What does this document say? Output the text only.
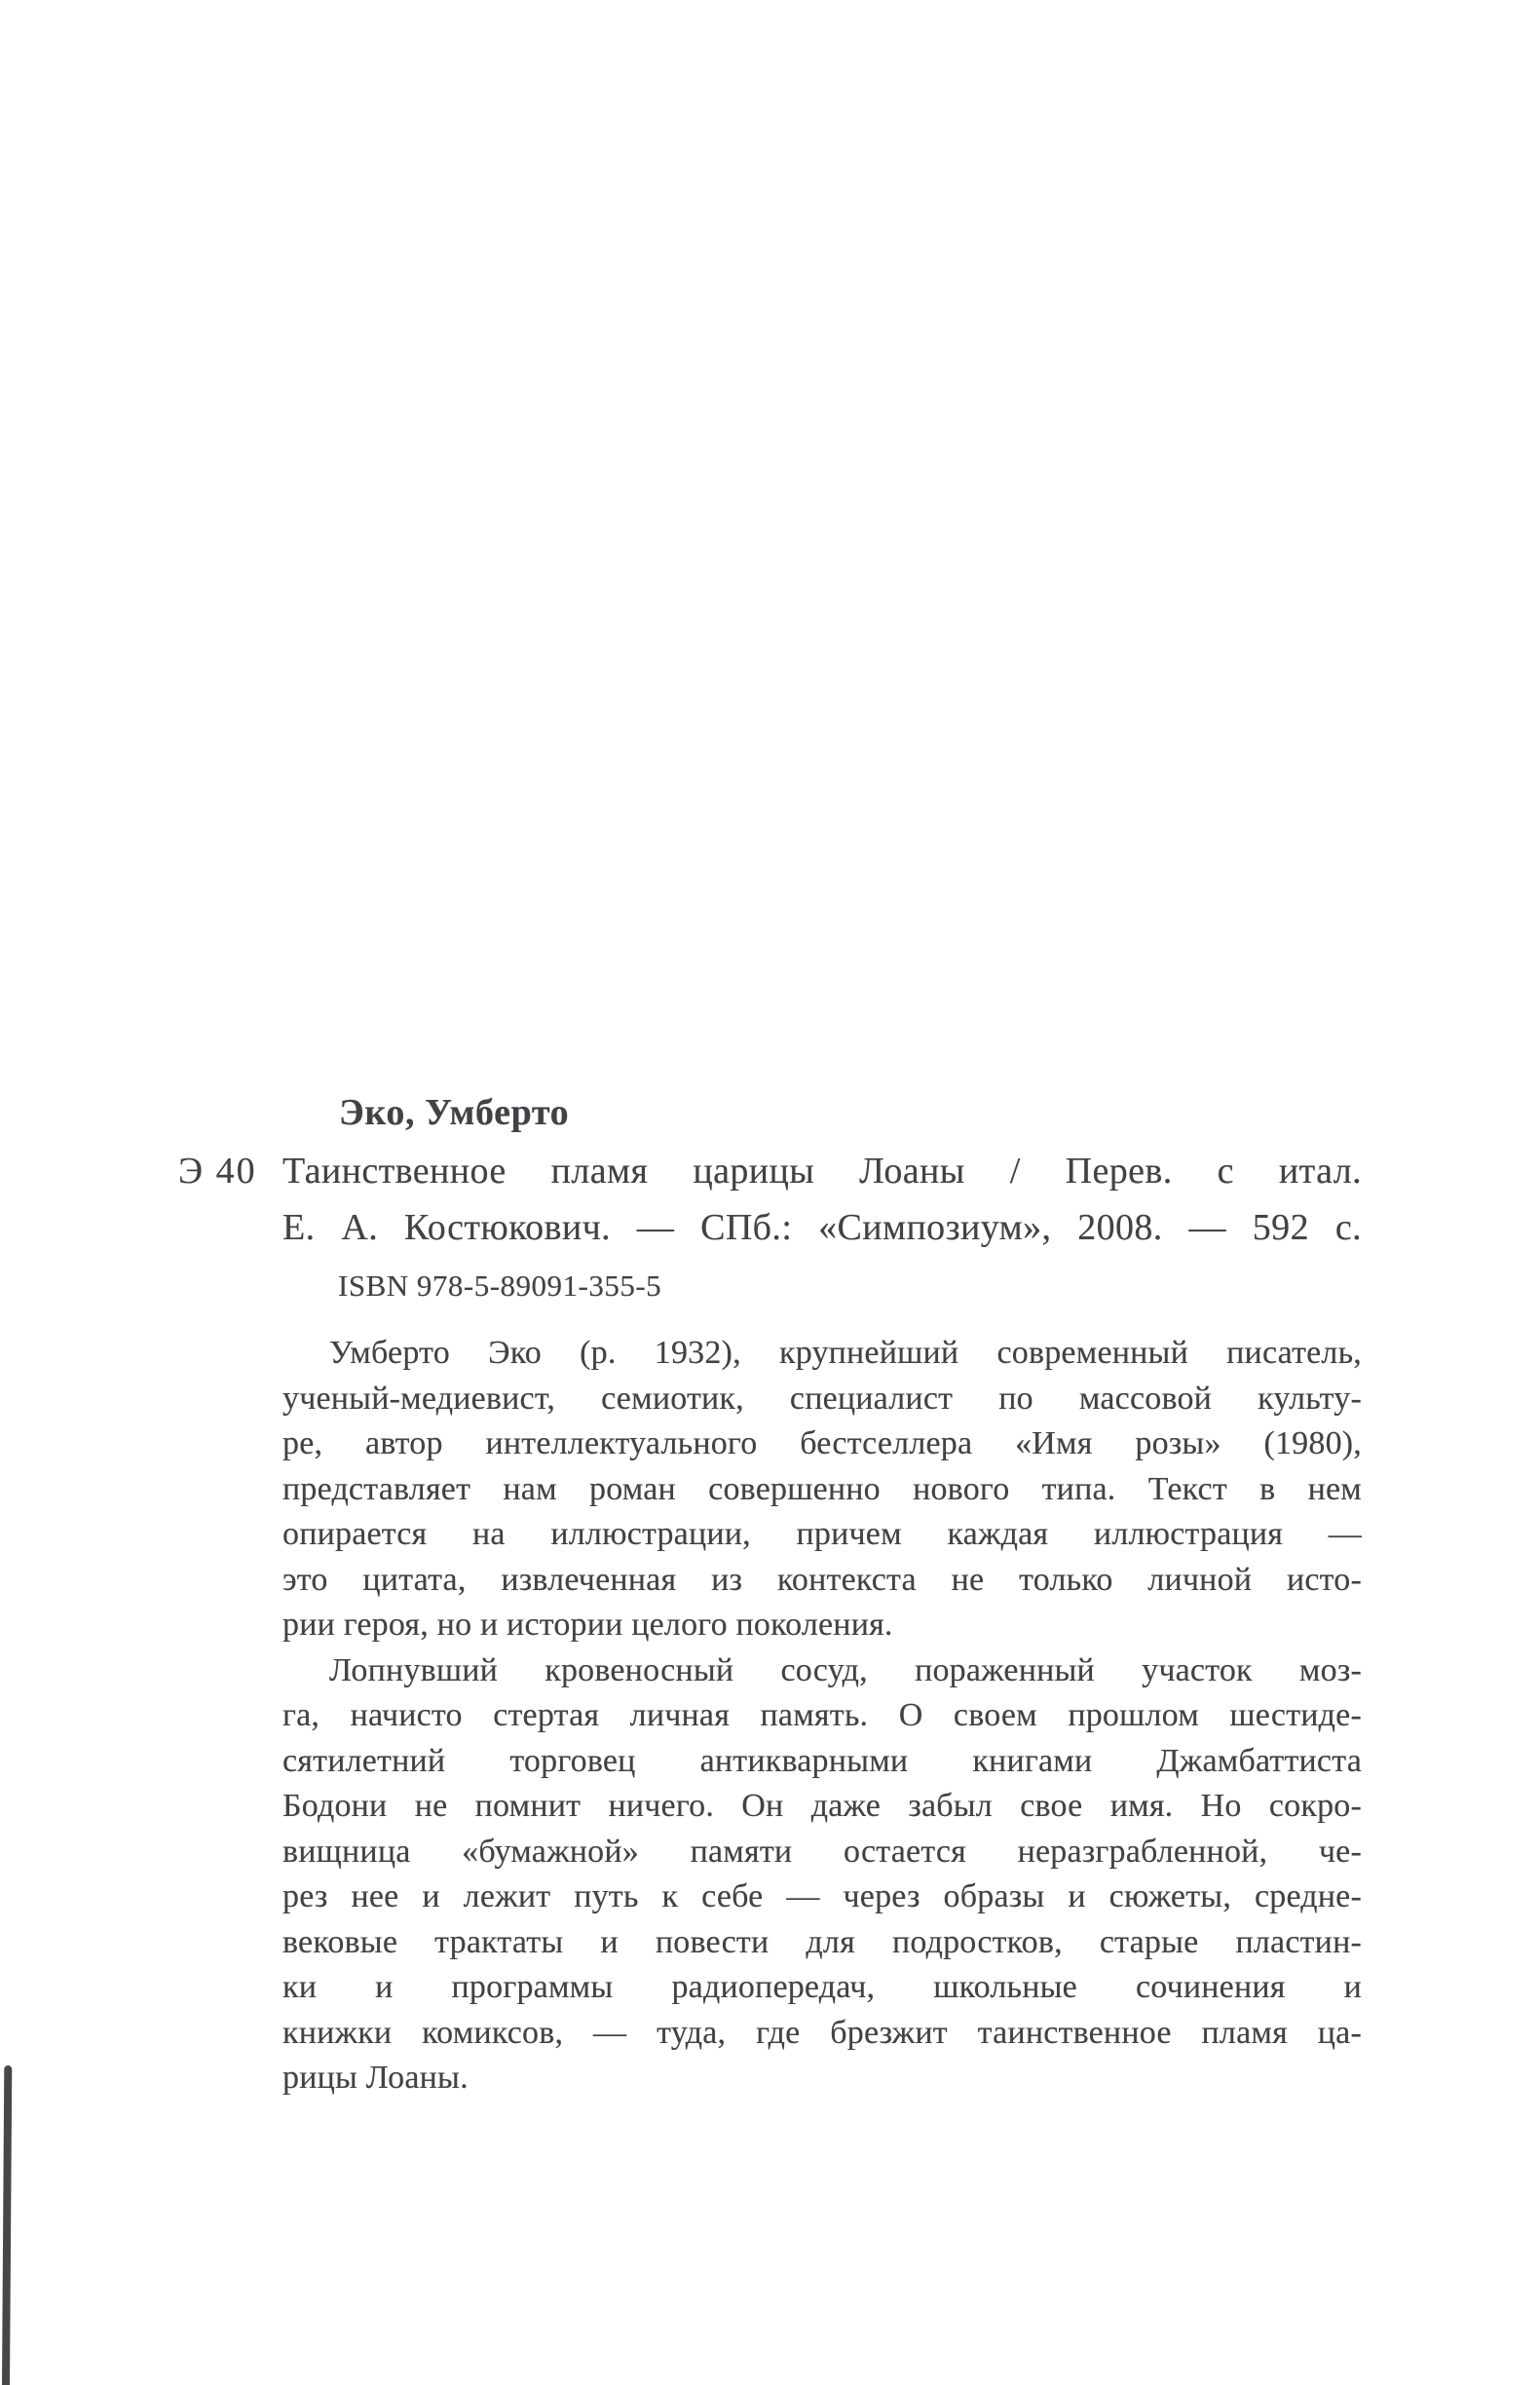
Э 40
Эко, Умберто
Таинственное пламя царицы Лоаны / Перев. с итал.
Е. А. Костюкович. — СПб.: «Симпозиум», 2008. — 592 с.
ISBN 978-5-89091-355-5
Умберто Эко (р. 1932), крупнейший современный писатель,
ученый-медиевист, семиотик, специалист по массовой культу-
ре, автор интеллектуального бестселлера «Имя розы» (1980),
представляет нам роман совершенно нового типа. Текст в нем
опирается на иллюстрации, причем каждая иллюстрация —
это цитата, извлеченная из контекста не только личной исто-
рии героя, но и истории целого поколения.
Лопнувший кровеносный сосуд, пораженный участок моз-
га, начисто стертая личная память. О своем прошлом шестиде-
сятилетний торговец антикварными книгами Джамбаттиста
Бодони не помнит ничего. Он даже забыл свое имя. Но сокро-
вищница «бумажной» памяти остается неразграбленной, че-
рез нее и лежит путь к себе — через образы и сюжеты, средне-
вековые трактаты и повести для подростков, старые пластин-
ки и программы радиопередач, школьные сочинения и
книжки комиксов, — туда, где брезжит таинственное пламя ца-
рицы Лоаны.
